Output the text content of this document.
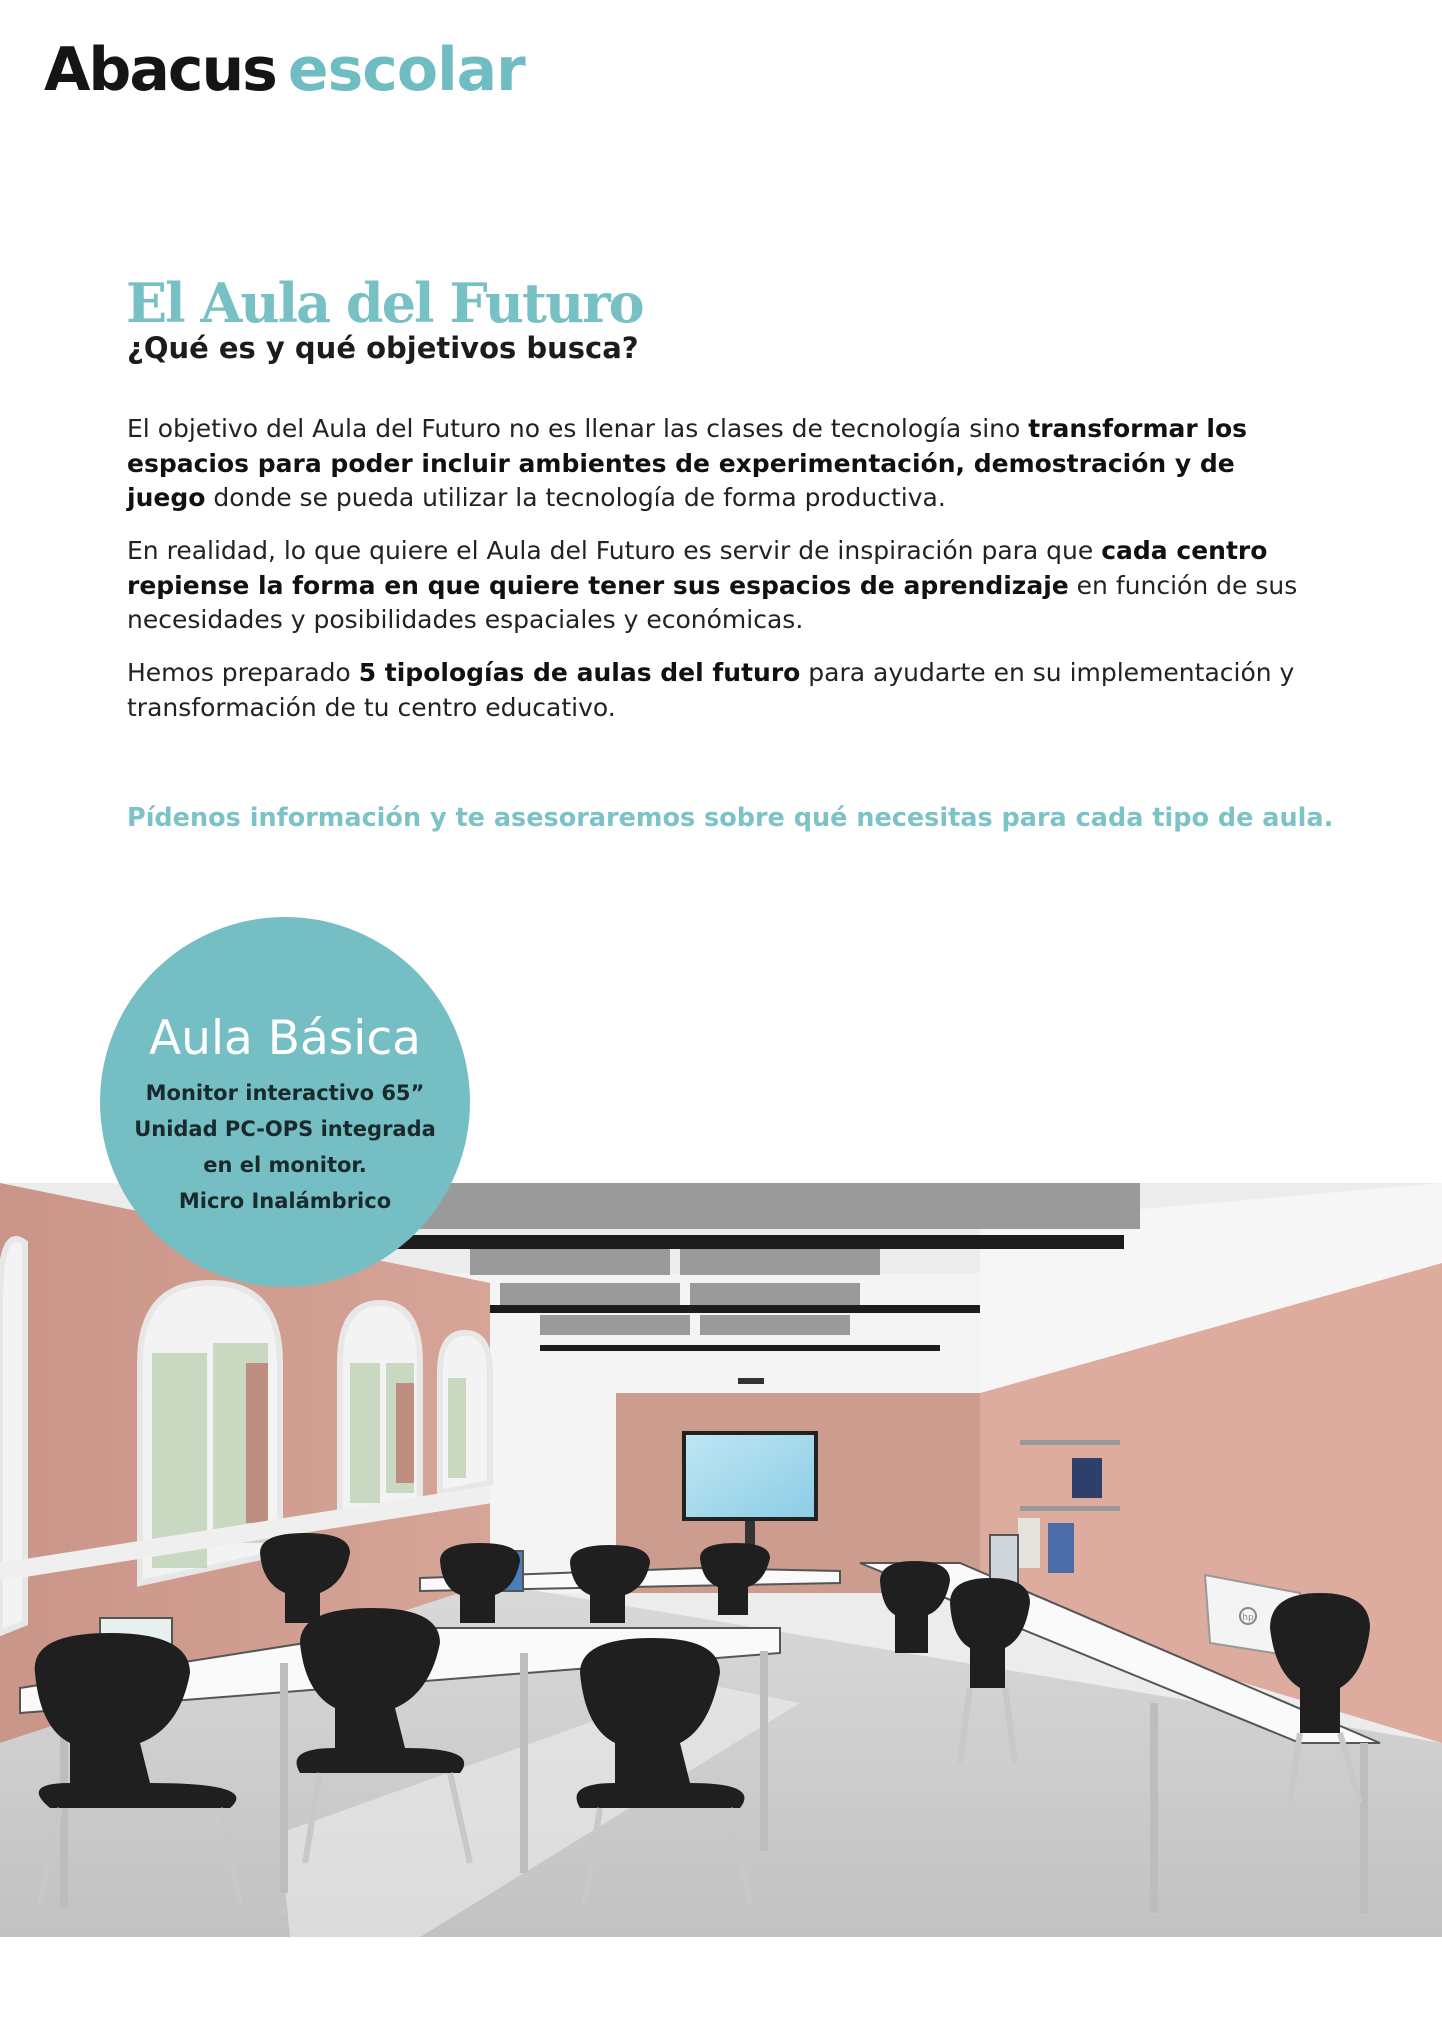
Abacus escolar
El Aula del Futuro
¿Qué es y qué objetivos busca?

El objetivo del Aula del Futuro no es llenar las clases de tecnología sino transformar los espacios para poder incluir ambientes de experimentación, demostración y de juego donde se pueda utilizar la tecnología de forma productiva.

En realidad, lo que quiere el Aula del Futuro es servir de inspiración para que cada centro repiense la forma en que quiere tener sus espacios de aprendizaje en función de sus necesidades y posibilidades espaciales y económicas.

Hemos preparado 5 tipologías de aulas del futuro para ayudarte en su implementación y transformación de tu centro educativo.

Pídenos información y te asesoraremos sobre qué necesitas para cada tipo de aula.
hp
Aula Básica
Monitor interactivo 65”
Unidad PC-OPS integrada
en el monitor.
Micro Inalámbrico
